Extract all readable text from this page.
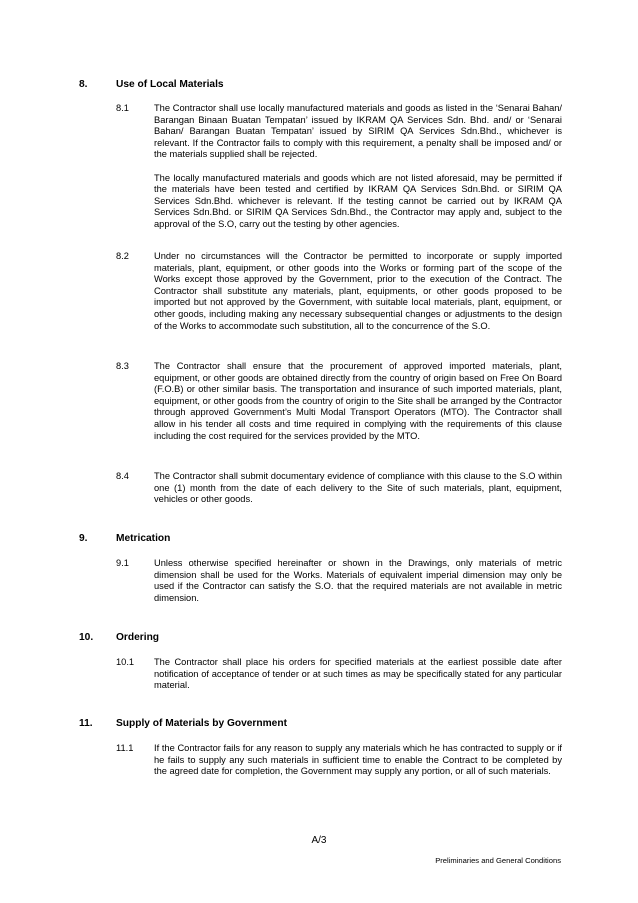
8.	Use of Local Materials
8.1	The Contractor shall use locally manufactured materials and goods as listed in the ‘Senarai Bahan/ Barangan Binaan Buatan Tempatan’ issued by IKRAM QA Services Sdn. Bhd. and/ or ‘Senarai Bahan/ Barangan Buatan Tempatan’ issued by SIRIM QA Services Sdn.Bhd., whichever is relevant. If the Contractor fails to comply with this requirement, a penalty shall be imposed and/ or the materials supplied shall be rejected.

The locally manufactured materials and goods which are not listed aforesaid, may be permitted if the materials have been tested and certified by IKRAM QA Services Sdn.Bhd. or SIRIM QA Services Sdn.Bhd. whichever is relevant. If the testing cannot be carried out by IKRAM QA Services Sdn.Bhd. or SIRIM QA Services Sdn.Bhd., the Contractor may apply and, subject to the approval of the S.O, carry out the testing by other agencies.

8.2	Under no circumstances will the Contractor be permitted to incorporate or supply imported materials, plant, equipment, or other goods into the Works or forming part of the scope of the Works except those approved by the Government, prior to the execution of the Contract. The Contractor shall substitute any materials, plant, equipments, or other goods proposed to be imported but not approved by the Government, with suitable local materials, plant, equipment, or other goods, including making any necessary subsequential changes or adjustments to the design of the Works to accommodate such substitution, all to the concurrence of the S.O.

8.3	The Contractor shall ensure that the procurement of approved imported materials, plant, equipment, or other goods are obtained directly from the country of origin based on Free On Board (F.O.B) or other similar basis. The transportation and insurance of such imported materials, plant, equipment, or other goods from the country of origin to the Site shall be arranged by the Contractor through approved Government’s Multi Modal Transport Operators (MTO). The Contractor shall allow in his tender all costs and time required in complying with the requirements of this clause including the cost required for the services provided by the MTO.

8.4	The Contractor shall submit documentary evidence of compliance with this clause to the S.O within one (1) month from the date of each delivery to the Site of such materials, plant, equipment, vehicles or other goods.

9.	Metrication
9.1	Unless otherwise specified hereinafter or shown in the Drawings, only materials of metric dimension shall be used for the Works. Materials of equivalent imperial dimension may only be used if the Contractor can satisfy the S.O. that the required materials are not available in metric dimension.

10. Ordering
10.1 The Contractor shall place his orders for specified materials at the earliest possible date after notification of acceptance of tender or at such times as may be specifically stated for any particular material.

11. Supply of Materials by Government
11.1 If the Contractor fails for any reason to supply any materials which he has contracted to supply or if he fails to supply any such materials in sufficient time to enable the Contract to be completed by the agreed date for completion, the Government may supply any portion, or all of such materials.

A/3
Preliminaries and General Conditions
